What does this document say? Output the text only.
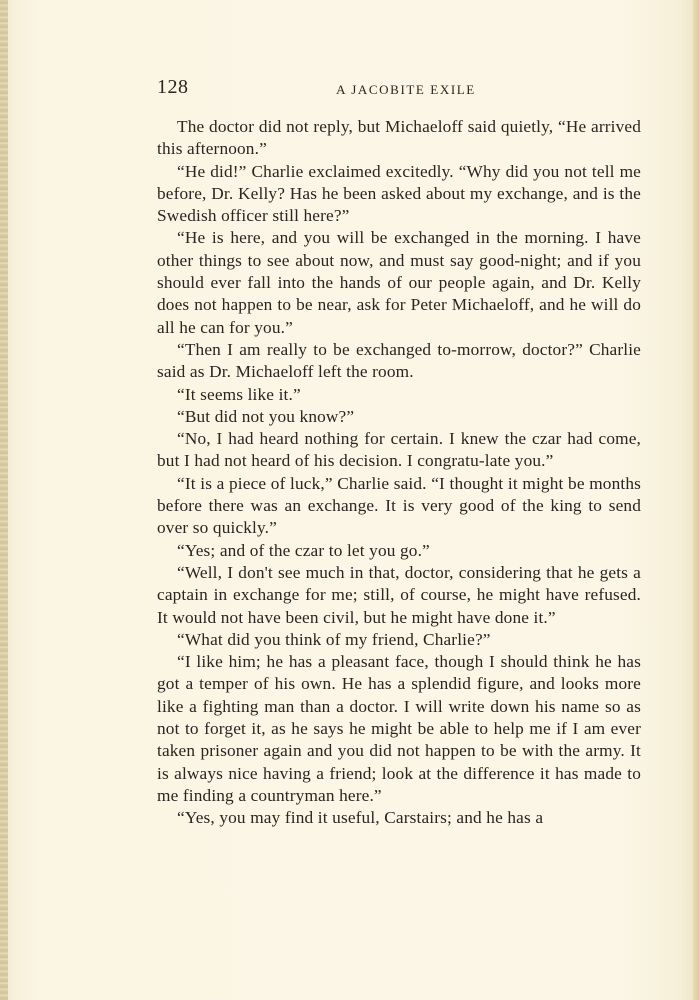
128	A JACOBITE EXILE

The doctor did not reply, but Michaeloff said quietly, “He arrived this afternoon.”

“He did!” Charlie exclaimed excitedly. “Why did you not tell me before, Dr. Kelly? Has he been asked about my exchange, and is the Swedish officer still here?”

“He is here, and you will be exchanged in the morning. I have other things to see about now, and must say good-night; and if you should ever fall into the hands of our people again, and Dr. Kelly does not happen to be near, ask for Peter Michaeloff, and he will do all he can for you.”

“Then I am really to be exchanged to-morrow, doctor?” Charlie said as Dr. Michaeloff left the room.

“It seems like it.”

“But did not you know?”

“No, I had heard nothing for certain. I knew the czar had come, but I had not heard of his decision. I congratu-late you.”

“It is a piece of luck,” Charlie said. “I thought it might be months before there was an exchange. It is very good of the king to send over so quickly.”

“Yes; and of the czar to let you go.”

“Well, I don't see much in that, doctor, considering that he gets a captain in exchange for me; still, of course, he might have refused. It would not have been civil, but he might have done it.”

“What did you think of my friend, Charlie?”

“I like him; he has a pleasant face, though I should think he has got a temper of his own. He has a splendid figure, and looks more like a fighting man than a doctor. I will write down his name so as not to forget it, as he says he might be able to help me if I am ever taken prisoner again and you did not happen to be with the army. It is always nice having a friend; look at the difference it has made to me finding a countryman here.”

“Yes, you may find it useful, Carstairs; and he has a
